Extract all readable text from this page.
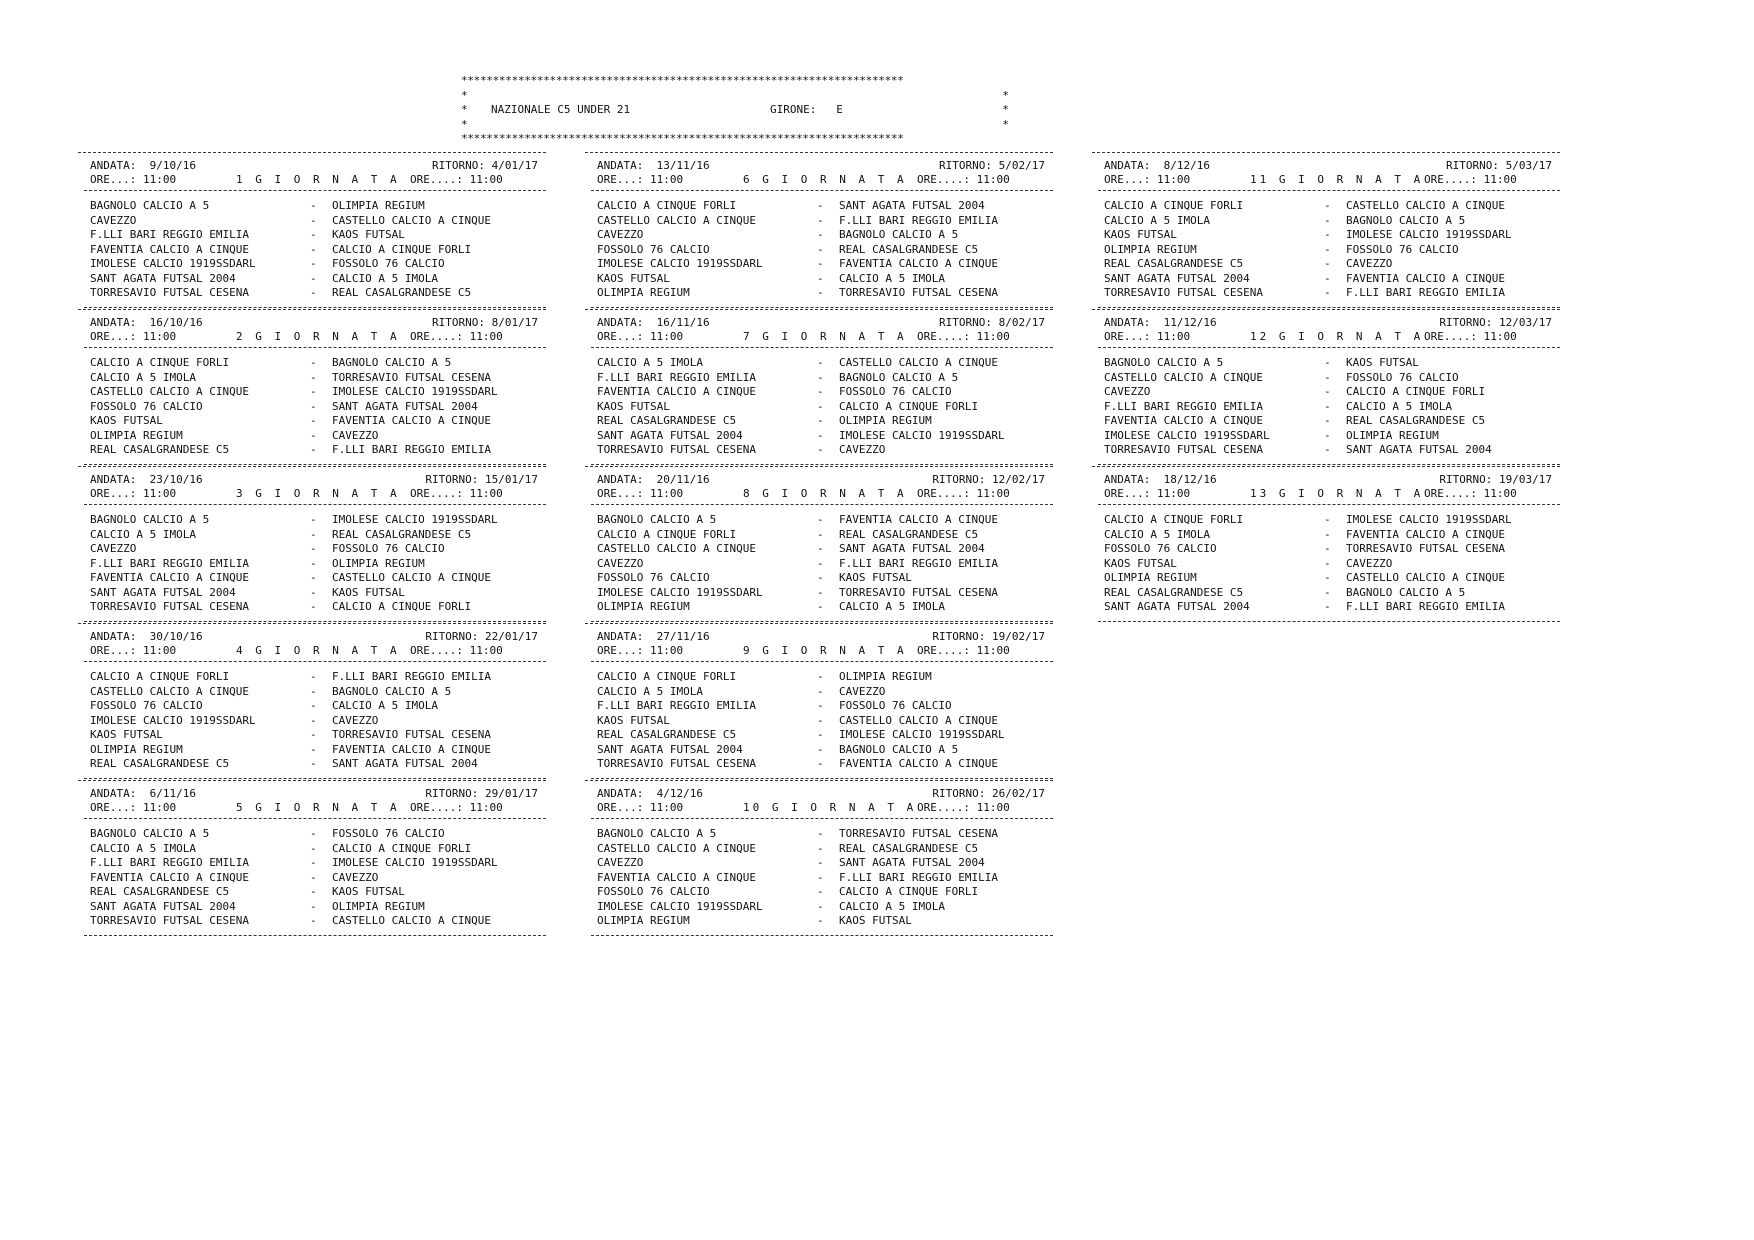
**********************************************************************
*	*
* NAZIONALE C5 UNDER 21	GIRONE:   E	*
*	*
**********************************************************************
ANDATA: 9/10/16	RITORNO: 4/01/17
ORE...: 11:00	1 G I O R N A T A ORE....: 11:00
BAGNOLO CALCIO A 5	- OLIMPIA REGIUM
CAVEZZO	- CASTELLO CALCIO A CINQUE
F.LLI BARI REGGIO EMILIA	- KAOS FUTSAL
FAVENTIA CALCIO A CINQUE	- CALCIO A CINQUE FORLI
IMOLESE CALCIO 1919SSDARL	- FOSSOLO 76 CALCIO
SANT AGATA FUTSAL 2004	- CALCIO A 5 IMOLA
TORRESAVIO FUTSAL CESENA	- REAL CASALGRANDESE C5
ANDATA: 16/10/16	RITORNO: 8/01/17
ORE...: 11:00	2 G I O R N A T A ORE....: 11:00
CALCIO A CINQUE FORLI	- BAGNOLO CALCIO A 5
CALCIO A 5 IMOLA	- TORRESAVIO FUTSAL CESENA
CASTELLO CALCIO A CINQUE	- IMOLESE CALCIO 1919SSDARL
FOSSOLO 76 CALCIO	- SANT AGATA FUTSAL 2004
KAOS FUTSAL	- FAVENTIA CALCIO A CINQUE
OLIMPIA REGIUM	- CAVEZZO
REAL CASALGRANDESE C5	- F.LLI BARI REGGIO EMILIA
ANDATA: 23/10/16	RITORNO: 15/01/17
ORE...: 11:00	3 G I O R N A T A ORE....: 11:00
BAGNOLO CALCIO A 5	- IMOLESE CALCIO 1919SSDARL
CALCIO A 5 IMOLA	- REAL CASALGRANDESE C5
CAVEZZO	- FOSSOLO 76 CALCIO
F.LLI BARI REGGIO EMILIA	- OLIMPIA REGIUM
FAVENTIA CALCIO A CINQUE	- CASTELLO CALCIO A CINQUE
SANT AGATA FUTSAL 2004	- KAOS FUTSAL
TORRESAVIO FUTSAL CESENA	- CALCIO A CINQUE FORLI
ANDATA: 30/10/16	RITORNO: 22/01/17
ORE...: 11:00	4 G I O R N A T A ORE....: 11:00
CALCIO A CINQUE FORLI	- F.LLI BARI REGGIO EMILIA
CASTELLO CALCIO A CINQUE	- BAGNOLO CALCIO A 5
FOSSOLO 76 CALCIO	- CALCIO A 5 IMOLA
IMOLESE CALCIO 1919SSDARL	- CAVEZZO
KAOS FUTSAL	- TORRESAVIO FUTSAL CESENA
OLIMPIA REGIUM	- FAVENTIA CALCIO A CINQUE
REAL CASALGRANDESE C5	- SANT AGATA FUTSAL 2004
ANDATA: 6/11/16	RITORNO: 29/01/17
ORE...: 11:00	5 G I O R N A T A ORE....: 11:00
BAGNOLO CALCIO A 5	- FOSSOLO 76 CALCIO
CALCIO A 5 IMOLA	- CALCIO A CINQUE FORLI
F.LLI BARI REGGIO EMILIA	- IMOLESE CALCIO 1919SSDARL
FAVENTIA CALCIO A CINQUE	- CAVEZZO
REAL CASALGRANDESE C5	- KAOS FUTSAL
SANT AGATA FUTSAL 2004	- OLIMPIA REGIUM
TORRESAVIO FUTSAL CESENA	- CASTELLO CALCIO A CINQUE
ANDATA: 13/11/16	RITORNO: 5/02/17
ORE...: 11:00	6 G I O R N A T A ORE....: 11:00
CALCIO A CINQUE FORLI	- SANT AGATA FUTSAL 2004
CASTELLO CALCIO A CINQUE	- F.LLI BARI REGGIO EMILIA
CAVEZZO	- BAGNOLO CALCIO A 5
FOSSOLO 76 CALCIO	- REAL CASALGRANDESE C5
IMOLESE CALCIO 1919SSDARL	- FAVENTIA CALCIO A CINQUE
KAOS FUTSAL	- CALCIO A 5 IMOLA
OLIMPIA REGIUM	- TORRESAVIO FUTSAL CESENA
ANDATA: 16/11/16	RITORNO: 8/02/17
ORE...: 11:00	7 G I O R N A T A ORE....: 11:00
CALCIO A 5 IMOLA	- CASTELLO CALCIO A CINQUE
F.LLI BARI REGGIO EMILIA	- BAGNOLO CALCIO A 5
FAVENTIA CALCIO A CINQUE	- FOSSOLO 76 CALCIO
KAOS FUTSAL	- CALCIO A CINQUE FORLI
REAL CASALGRANDESE C5	- OLIMPIA REGIUM
SANT AGATA FUTSAL 2004	- IMOLESE CALCIO 1919SSDARL
TORRESAVIO FUTSAL CESENA	- CAVEZZO
ANDATA: 20/11/16	RITORNO: 12/02/17
ORE...: 11:00	8 G I O R N A T A ORE....: 11:00
BAGNOLO CALCIO A 5	- FAVENTIA CALCIO A CINQUE
CALCIO A CINQUE FORLI	- REAL CASALGRANDESE C5
CASTELLO CALCIO A CINQUE	- SANT AGATA FUTSAL 2004
CAVEZZO	- F.LLI BARI REGGIO EMILIA
FOSSOLO 76 CALCIO	- KAOS FUTSAL
IMOLESE CALCIO 1919SSDARL	- TORRESAVIO FUTSAL CESENA
OLIMPIA REGIUM	- CALCIO A 5 IMOLA
ANDATA: 27/11/16	RITORNO: 19/02/17
ORE...: 11:00	9 G I O R N A T A ORE....: 11:00
CALCIO A CINQUE FORLI	- OLIMPIA REGIUM
CALCIO A 5 IMOLA	- CAVEZZO
F.LLI BARI REGGIO EMILIA	- FOSSOLO 76 CALCIO
KAOS FUTSAL	- CASTELLO CALCIO A CINQUE
REAL CASALGRANDESE C5	- IMOLESE CALCIO 1919SSDARL
SANT AGATA FUTSAL 2004	- BAGNOLO CALCIO A 5
TORRESAVIO FUTSAL CESENA	- FAVENTIA CALCIO A CINQUE
ANDATA: 4/12/16	RITORNO: 26/02/17
ORE...: 11:00	10 G I O R N A T A ORE....: 11:00
BAGNOLO CALCIO A 5	- TORRESAVIO FUTSAL CESENA
CASTELLO CALCIO A CINQUE	- REAL CASALGRANDESE C5
CAVEZZO	- SANT AGATA FUTSAL 2004
FAVENTIA CALCIO A CINQUE	- F.LLI BARI REGGIO EMILIA
FOSSOLO 76 CALCIO	- CALCIO A CINQUE FORLI
IMOLESE CALCIO 1919SSDARL	- CALCIO A 5 IMOLA
OLIMPIA REGIUM	- KAOS FUTSAL
ANDATA: 8/12/16	RITORNO: 5/03/17
ORE...: 11:00	11 G I O R N A T A ORE....: 11:00
CALCIO A CINQUE FORLI	- CASTELLO CALCIO A CINQUE
CALCIO A 5 IMOLA	- BAGNOLO CALCIO A 5
KAOS FUTSAL	- IMOLESE CALCIO 1919SSDARL
OLIMPIA REGIUM	- FOSSOLO 76 CALCIO
REAL CASALGRANDESE C5	- CAVEZZO
SANT AGATA FUTSAL 2004	- FAVENTIA CALCIO A CINQUE
TORRESAVIO FUTSAL CESENA	- F.LLI BARI REGGIO EMILIA
ANDATA: 11/12/16	RITORNO: 12/03/17
ORE...: 11:00	12 G I O R N A T A ORE....: 11:00
BAGNOLO CALCIO A 5	- KAOS FUTSAL
CASTELLO CALCIO A CINQUE	- FOSSOLO 76 CALCIO
CAVEZZO	- CALCIO A CINQUE FORLI
F.LLI BARI REGGIO EMILIA	- CALCIO A 5 IMOLA
FAVENTIA CALCIO A CINQUE	- REAL CASALGRANDESE C5
IMOLESE CALCIO 1919SSDARL	- OLIMPIA REGIUM
TORRESAVIO FUTSAL CESENA	- SANT AGATA FUTSAL 2004
ANDATA: 18/12/16	RITORNO: 19/03/17
ORE...: 11:00	13 G I O R N A T A ORE....: 11:00
CALCIO A CINQUE FORLI	- IMOLESE CALCIO 1919SSDARL
CALCIO A 5 IMOLA	- FAVENTIA CALCIO A CINQUE
FOSSOLO 76 CALCIO	- TORRESAVIO FUTSAL CESENA
KAOS FUTSAL	- CAVEZZO
OLIMPIA REGIUM	- CASTELLO CALCIO A CINQUE
REAL CASALGRANDESE C5	- BAGNOLO CALCIO A 5
SANT AGATA FUTSAL 2004	- F.LLI BARI REGGIO EMILIA
